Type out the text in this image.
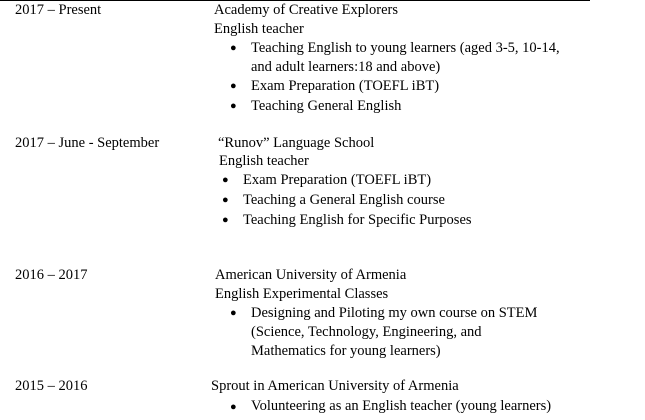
2017 – Present	Academy of Creative Explorers
English teacher
● Teaching English to young learners (aged 3-5, 10-14,
and adult learners:18 and above)
● Exam Preparation (TOEFL iBT)
● Teaching General English
2017 – June - September	“Runov” Language School
English teacher
● Exam Preparation (TOEFL iBT)
● Teaching a General English course
● Teaching English for Specific Purposes
2016 – 2017	American University of Armenia
English Experimental Classes
● Designing and Piloting my own course on STEM
(Science, Technology, Engineering, and
Mathematics for young learners)
2015 – 2016	Sprout in American University of Armenia
● Volunteering as an English teacher (young learners)
